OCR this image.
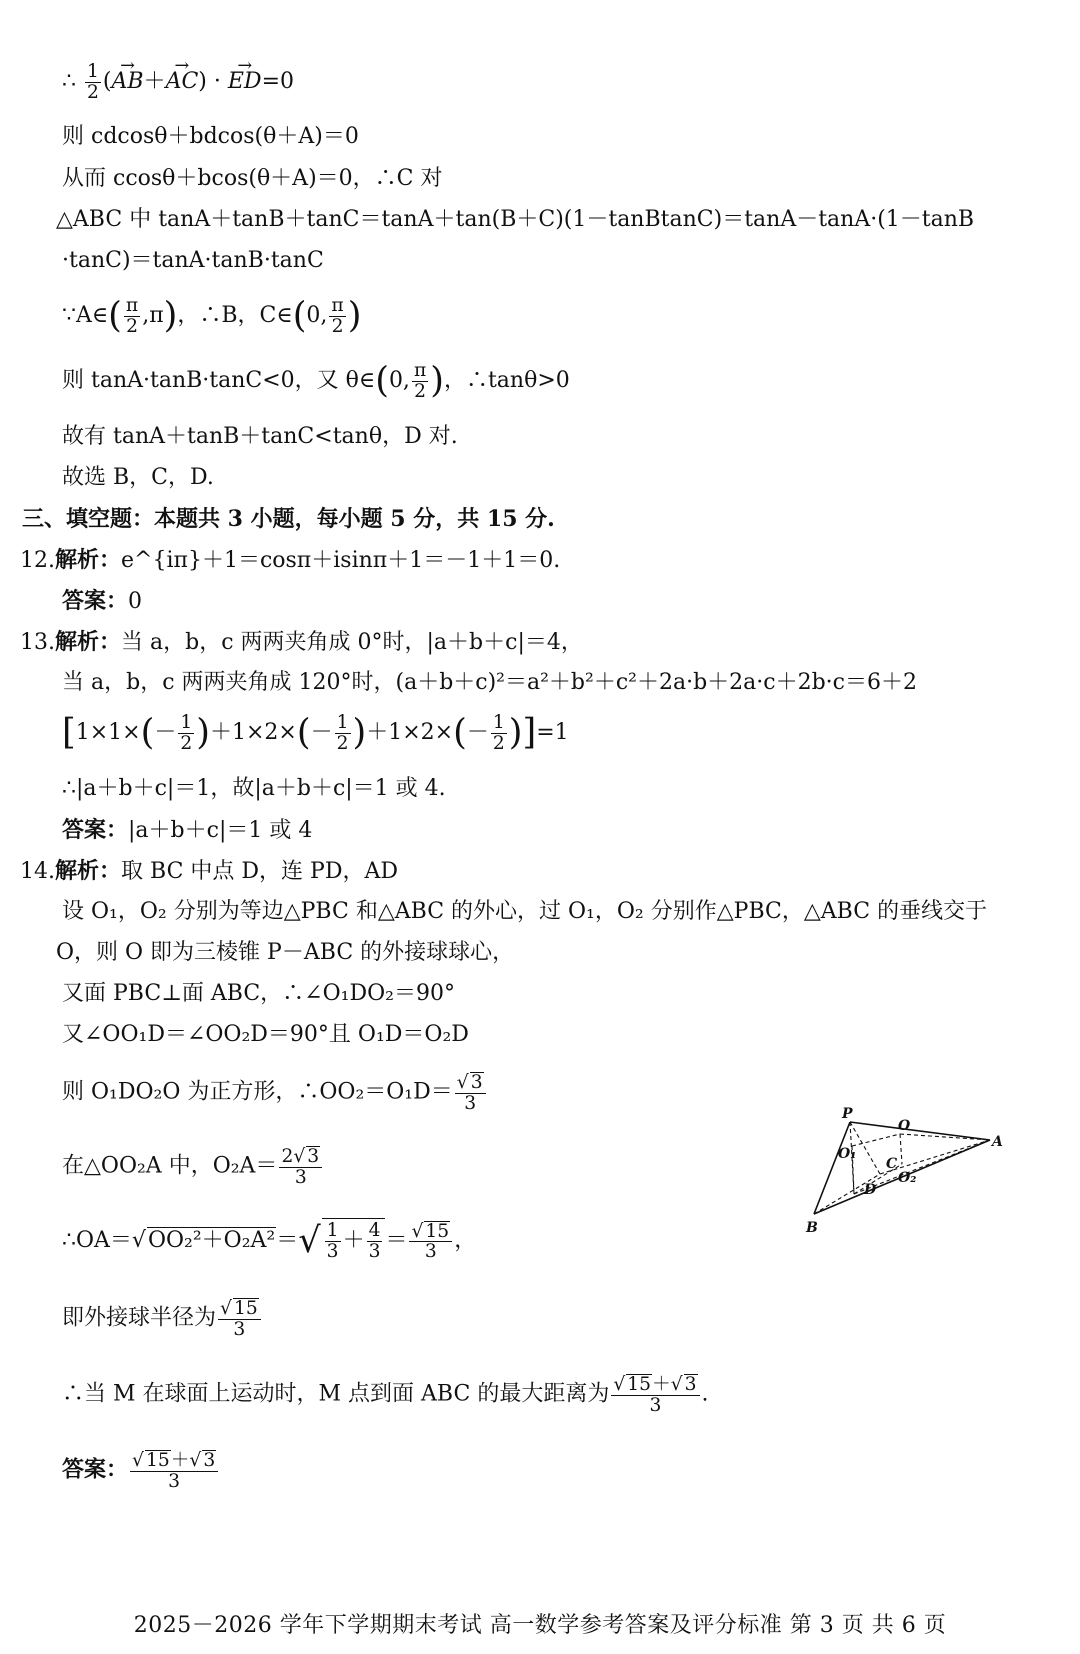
∴ $\frac{1}{2}$ (→ AB＋→ AC) · → ED=0
则 cdcosθ＋bdcos(θ＋A)＝0
从而 ccosθ＋bcos(θ＋A)＝0，∴C 对
△ABC 中 tanA＋tanB＋tanC＝tanA＋tan(B＋C)(1－tanBtanC)＝tanA－tanA·(1－tanB
·tanC)＝tanA·tanB·tanC
∵A∈( $\frac{\pi}{2} ,\pi$)，∴B，C∈(0, $\frac{\pi}{2}$ )
则 tanA·tanB·tanC<0，又 θ∈(0, $\frac{\pi}{2}$ )，∴tanθ>0
故有 tanA＋tanB＋tanC<tanθ，D 对.
故选 B，C，D.
三、填空题：本题共 3 小题，每小题 5 分，共 15 分.
12.解析：e^{iπ}＋1＝cosπ＋isinπ＋1＝－1＋1＝0.
答案：0
13.解析：当 a，b，c 两两夹角成 0°时，|a＋b＋c|＝4，
当 a，b，c 两两夹角成 120°时，(a＋b＋c)²＝a²＋b²＋c²＋2a·b＋2a·c＋2b·c＝6＋2
$[1\times 1\times(- \frac{1}{2} )+1\times 2\times(- \frac{1}{2} )+1\times 2\times(- \frac{1}{2} )]=1$
∴|a＋b＋c|＝1，故|a＋b＋c|＝1 或 4.
答案：|a＋b＋c|＝1 或 4
14.解析：取 BC 中点 D，连 PD，AD
设 O₁，O₂ 分别为等边△PBC 和△ABC 的外心，过 O₁，O₂ 分别作△PBC，△ABC 的垂线交于
O，则 O 即为三棱锥 P－ABC 的外接球球心，
又面 PBC⊥面 ABC，∴∠O₁DO₂＝90°
又∠OO₁D＝∠OO₂D＝90°且 O₁D＝O₂D
则 O₁DO₂O 为正方形，∴OO₂＝O₁D＝ $\frac{√ 3}{3}$
在△OO₂A 中，$O_2A= \frac{2√ 3}{3}$
∴OA＝√OO₂²＋O₂A²＝√ $\frac{1}{3} + \frac{4}{3} = \frac{√ 15}{3}$ ，
即外接球半径为 $\frac{√ 15}{3}$
∴当 M 在球面上运动时，M 点到面 ABC 的最大距离为 $\frac{√ 15+√ 3}{3}$ .
答案： $\frac{√ 15+√ 3}{3}$
P
O
O₁
C
A
D
O₂
B
2025－2026 学年下学期期末考试 高一数学参考答案及评分标准 第 3 页 共 6 页
